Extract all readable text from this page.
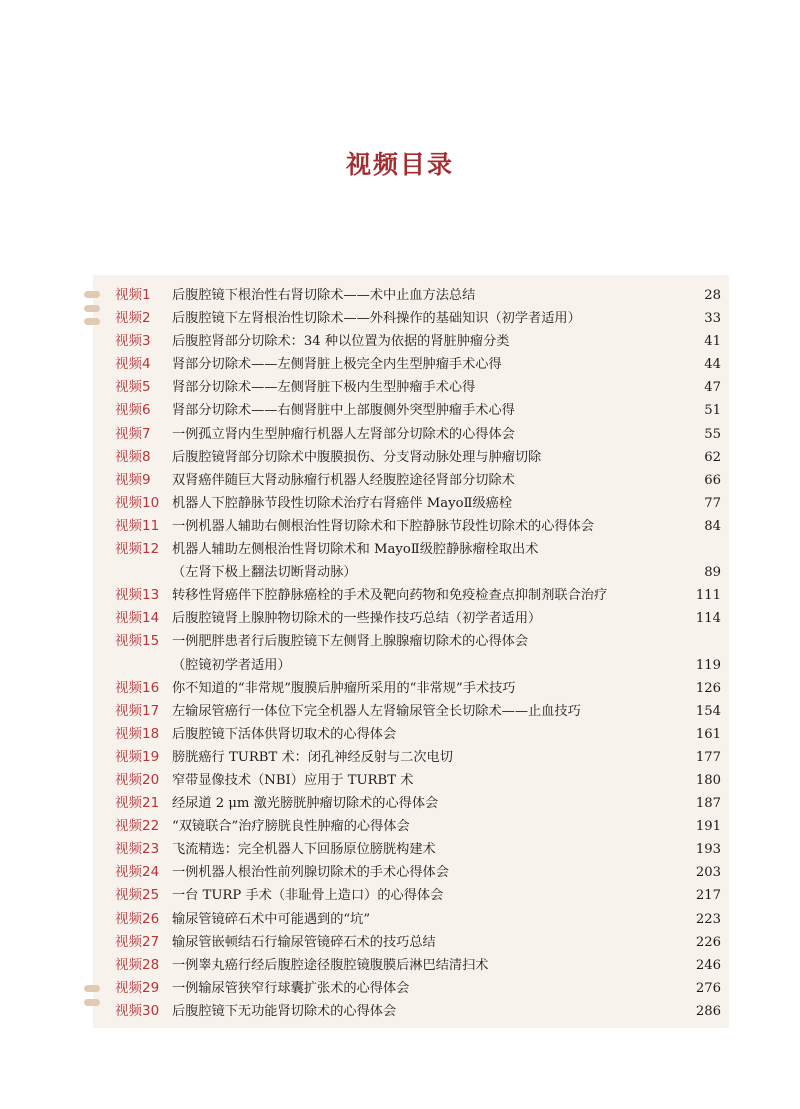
视频目录
视频1 后腹腔镜下根治性右肾切除术——术中止血方法总结	28
视频2 后腹腔镜下左肾根治性切除术——外科操作的基础知识（初学者适用）	33
视频3 后腹腔肾部分切除术：34 种以位置为依据的肾脏肿瘤分类	41
视频4 肾部分切除术——左侧肾脏上极完全内生型肿瘤手术心得	44
视频5 肾部分切除术——左侧肾脏下极内生型肿瘤手术心得	47
视频6 肾部分切除术——右侧肾脏中上部腹侧外突型肿瘤手术心得	51
视频7 一例孤立肾内生型肿瘤行机器人左肾部分切除术的心得体会	55
视频8 后腹腔镜肾部分切除术中腹膜损伤、分支肾动脉处理与肿瘤切除	62
视频9 双肾癌伴随巨大肾动脉瘤行机器人经腹腔途径肾部分切除术	66
视频10 机器人下腔静脉节段性切除术治疗右肾癌伴 MayoⅡ级癌栓	77
视频11 一例机器人辅助右侧根治性肾切除术和下腔静脉节段性切除术的心得体会	84
视频12 机器人辅助左侧根治性肾切除术和 MayoⅡ级腔静脉瘤栓取出术
（左肾下极上翻法切断肾动脉）	89
视频13 转移性肾癌伴下腔静脉癌栓的手术及靶向药物和免疫检查点抑制剂联合治疗	111
视频14 后腹腔镜肾上腺肿物切除术的一些操作技巧总结（初学者适用）	114
视频15 一例肥胖患者行后腹腔镜下左侧肾上腺腺瘤切除术的心得体会
（腔镜初学者适用）	119
视频16 你不知道的“非常规”腹膜后肿瘤所采用的“非常规”手术技巧	126
视频17 左输尿管癌行一体位下完全机器人左肾输尿管全长切除术——止血技巧	154
视频18 后腹腔镜下活体供肾切取术的心得体会	161
视频19 膀胱癌行 TURBT 术：闭孔神经反射与二次电切	177
视频20 窄带显像技术（NBI）应用于 TURBT 术	180
视频21 经尿道 2 μm 激光膀胱肿瘤切除术的心得体会	187
视频22 “双镜联合”治疗膀胱良性肿瘤的心得体会	191
视频23 飞流精选：完全机器人下回肠原位膀胱构建术	193
视频24 一例机器人根治性前列腺切除术的手术心得体会	203
视频25 一台 TURP 手术（非耻骨上造口）的心得体会	217
视频26 输尿管镜碎石术中可能遇到的“坑”	223
视频27 输尿管嵌顿结石行输尿管镜碎石术的技巧总结	226
视频28 一例睾丸癌行经后腹腔途径腹腔镜腹膜后淋巴结清扫术	246
视频29 一例输尿管狭窄行球囊扩张术的心得体会	276
视频30 后腹腔镜下无功能肾切除术的心得体会	286
